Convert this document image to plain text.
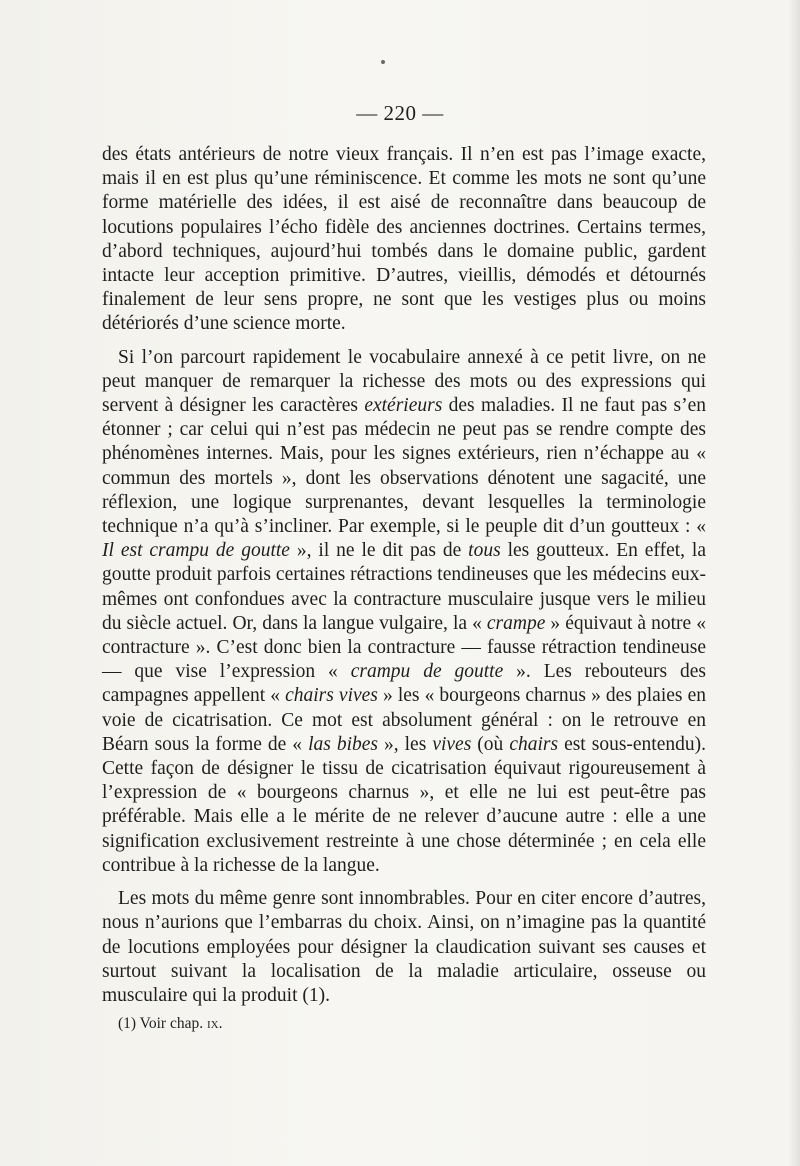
— 220 —

des états antérieurs de notre vieux français. Il n’en est pas l’image exacte, mais il en est plus qu’une réminiscence. Et comme les mots ne sont qu’une forme matérielle des idées, il est aisé de reconnaître dans beaucoup de locutions populaires l’écho fidèle des anciennes doctrines. Certains termes, d’abord techniques, aujourd’hui tombés dans le domaine public, gardent intacte leur acception primitive. D’autres, vieillis, démodés et détournés finalement de leur sens propre, ne sont que les vestiges plus ou moins détériorés d’une science morte.

Si l’on parcourt rapidement le vocabulaire annexé à ce petit livre, on ne peut manquer de remarquer la richesse des mots ou des expressions qui servent à désigner les caractères extérieurs des maladies. Il ne faut pas s’en étonner ; car celui qui n’est pas médecin ne peut pas se rendre compte des phénomènes internes. Mais, pour les signes extérieurs, rien n’échappe au « commun des mortels », dont les observations dénotent une sagacité, une réflexion, une logique surprenantes, devant lesquelles la terminologie technique n’a qu’à s’incliner. Par exemple, si le peuple dit d’un goutteux : « Il est crampu de goutte », il ne le dit pas de tous les goutteux. En effet, la goutte produit parfois certaines rétractions tendineuses que les médecins eux-mêmes ont confondues avec la contracture musculaire jusque vers le milieu du siècle actuel. Or, dans la langue vulgaire, la « crampe » équivaut à notre « contracture ». C’est donc bien la contracture — fausse rétraction tendineuse — que vise l’expression « crampu de goutte ». Les rebouteurs des campagnes appellent « chairs vives » les « bourgeons charnus » des plaies en voie de cicatrisation. Ce mot est absolument général : on le retrouve en Béarn sous la forme de « las bibes », les vives (où chairs est sous-entendu). Cette façon de désigner le tissu de cicatrisation équivaut rigoureusement à l’expression de « bourgeons charnus », et elle ne lui est peut-être pas préférable. Mais elle a le mérite de ne relever d’aucune autre : elle a une signification exclusivement restreinte à une chose déterminée ; en cela elle contribue à la richesse de la langue.

Les mots du même genre sont innombrables. Pour en citer encore d’autres, nous n’aurions que l’embarras du choix. Ainsi, on n’imagine pas la quantité de locutions employées pour désigner la claudication suivant ses causes et surtout suivant la localisation de la maladie articulaire, osseuse ou musculaire qui la produit (1).

(1) Voir chap. ix.
